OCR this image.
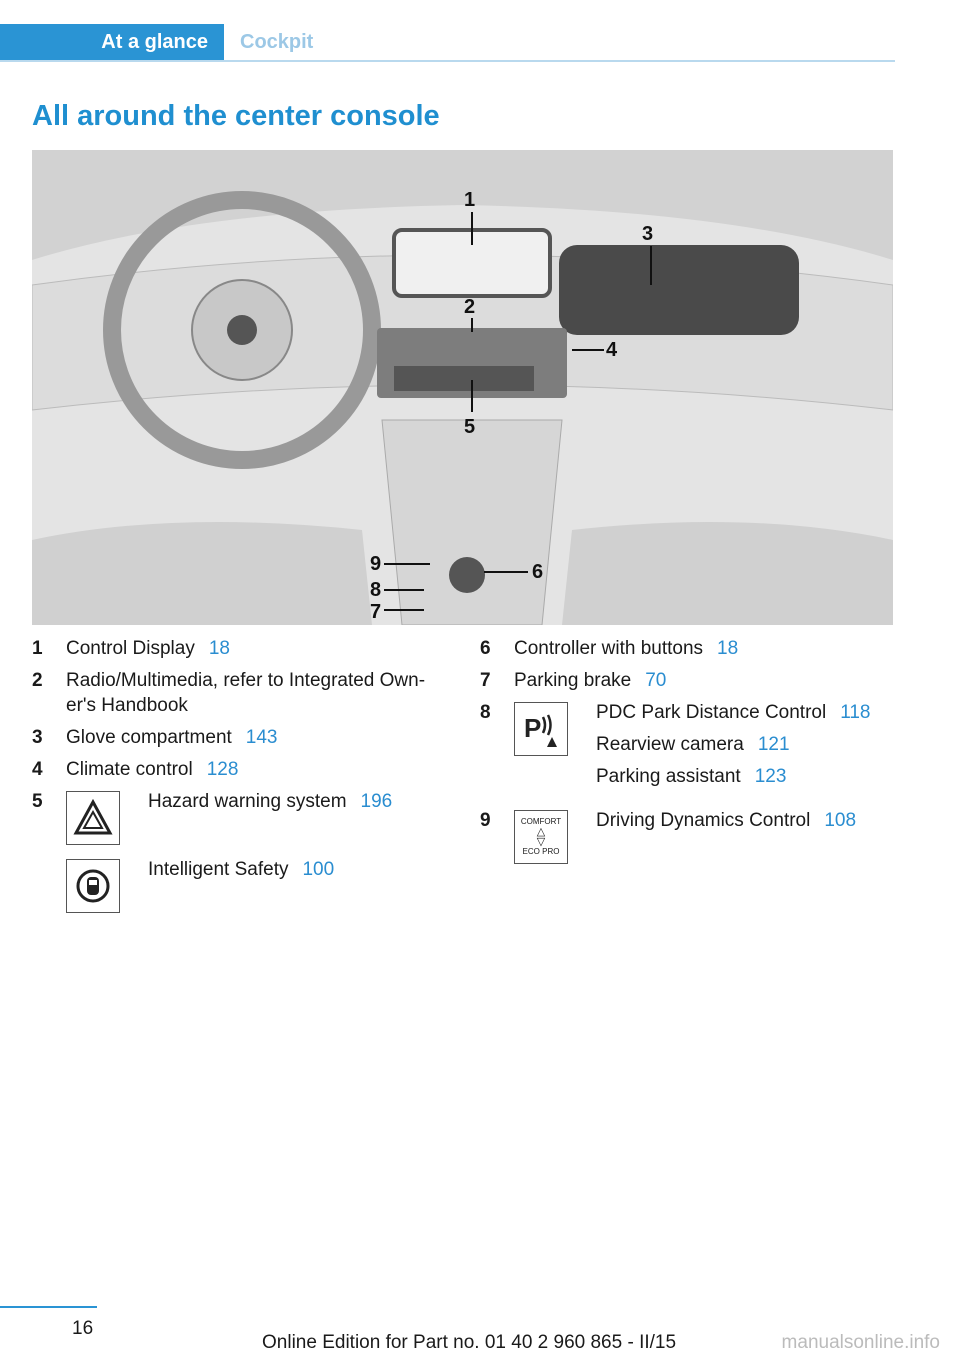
At a glance	Cockpit
All around the center console
1
2
3
4
5
6
7
8
9
1 Control Display 18
2 Radio/Multimedia, refer to Integrated Own-er's Handbook
3 Glove compartment 143
4 Climate control 128
5	Hazard warning system 196
Intelligent Safety 100
6 Controller with buttons 18
7 Parking brake 70
8
P
PDC Park Distance Control 118
Rearview camera 121
Parking assistant 123
9	COMFORT
△
▽
ECO PRO
Driving Dynamics Control 108
16
Online Edition for Part no. 01 40 2 960 865 - II/15	manualsonline.info
